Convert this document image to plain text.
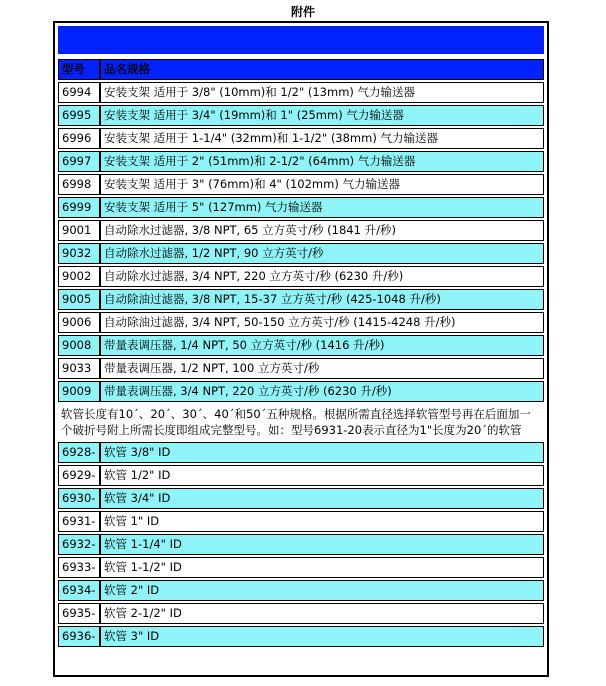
附件
型号	品名规格
6994	安装支架 适用于 3/8" (10mm)和 1/2" (13mm) 气力输送器
6995	安装支架 适用于 3/4" (19mm)和 1" (25mm) 气力输送器
6996	安装支架 适用于 1-1/4" (32mm)和 1-1/2" (38mm) 气力输送器
6997	安装支架 适用于 2" (51mm)和 2-1/2" (64mm) 气力输送器
6998	安装支架 适用于 3" (76mm)和 4" (102mm) 气力输送器
6999	安装支架 适用于 5" (127mm) 气力输送器
9001	自动除水过滤器, 3/8 NPT, 65 立方英寸/秒 (1841 升/秒)
9032	自动除水过滤器, 1/2 NPT, 90 立方英寸/秒
9002	自动除水过滤器, 3/4 NPT, 220 立方英寸/秒 (6230 升/秒)
9005	自动除油过滤器, 3/8 NPT, 15-37 立方英寸/秒 (425-1048 升/秒)
9006	自动除油过滤器, 3/4 NPT, 50-150 立方英寸/秒 (1415-4248 升/秒)
9008	带量表调压器, 1/4 NPT, 50 立方英寸/秒 (1416 升/秒)
9033	带量表调压器, 1/2 NPT, 100 立方英寸/秒
9009	带量表调压器, 3/4 NPT, 220 立方英寸/秒 (6230 升/秒)
软管长度有10´、20´、30´、40´和50´五种规格。根据所需直径选择软管型号再在后面加一个破折号附上所需长度即组成完整型号。如：型号6931-20表示直径为1"长度为20´的软管	
6928-	软管 3/8" ID
6929-	软管 1/2" ID
6930-	软管 3/4" ID
6931-	软管 1" ID
6932-	软管 1-1/4" ID
6933-	软管 1-1/2" ID
6934-	软管 2" ID
6935-	软管 2-1/2" ID
6936-	软管 3" ID
